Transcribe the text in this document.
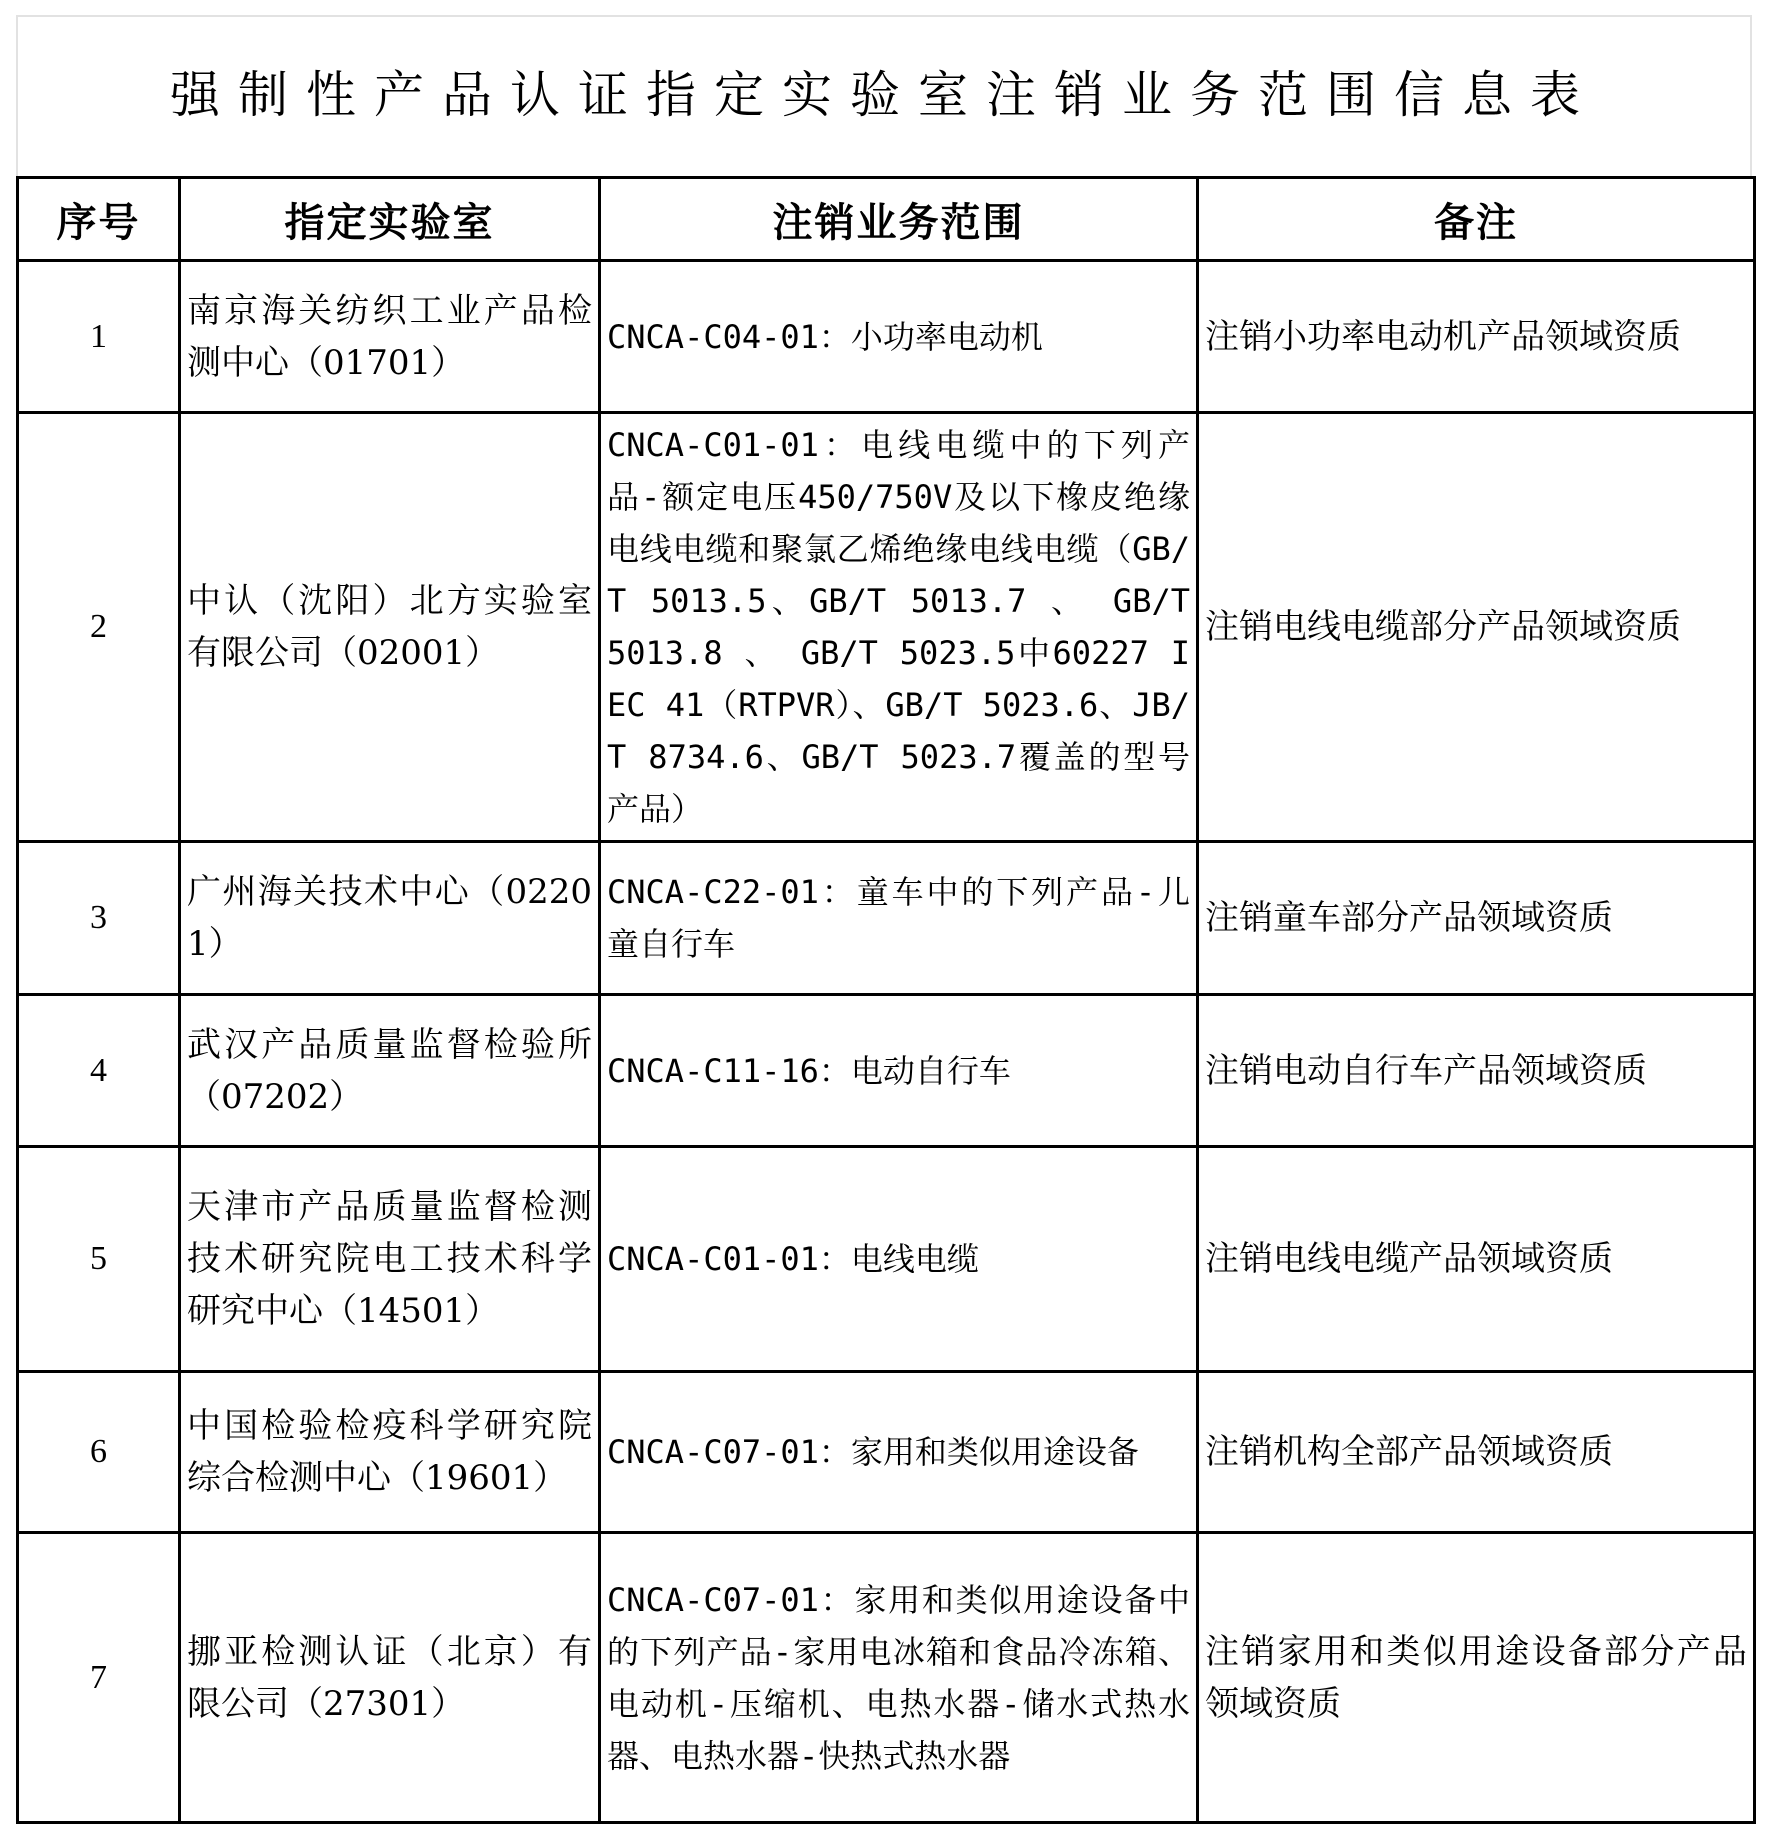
强制性产品认证指定实验室注销业务范围信息表
序号	指定实验室	注销业务范围	备注
1	南京海关纺织工业产品检测中心（01701）	CNCA-C04-01：小功率电动机	注销小功率电动机产品领域资质
2	中认（沈阳）北方实验室有限公司（02001）	CNCA-C01-01：电线电缆中的下列产品-额定电压450/750V及以下橡皮绝缘电线电缆和聚氯乙烯绝缘电线电缆（GB/T 5013.5、GB/T 5013.7 、 GB/T 5013.8 、 GB/T 5023.5中60227 IEC 41（RTPVR）、GB/T 5023.6、JB/T 8734.6、GB/T 5023.7覆盖的型号产品）	注销电线电缆部分产品领域资质
3	广州海关技术中心（02201）	CNCA-C22-01：童车中的下列产品-儿童自行车	注销童车部分产品领域资质
4	武汉产品质量监督检验所（07202）	CNCA-C11-16：电动自行车	注销电动自行车产品领域资质
5	天津市产品质量监督检测技术研究院电工技术科学研究中心（14501）	CNCA-C01-01：电线电缆	注销电线电缆产品领域资质
6	中国检验检疫科学研究院综合检测中心（19601）	CNCA-C07-01：家用和类似用途设备	注销机构全部产品领域资质
7	挪亚检测认证（北京）有限公司（27301）	CNCA-C07-01：家用和类似用途设备中的下列产品-家用电冰箱和食品冷冻箱、电动机-压缩机、电热水器-储水式热水器、电热水器-快热式热水器	注销家用和类似用途设备部分产品领域资质
